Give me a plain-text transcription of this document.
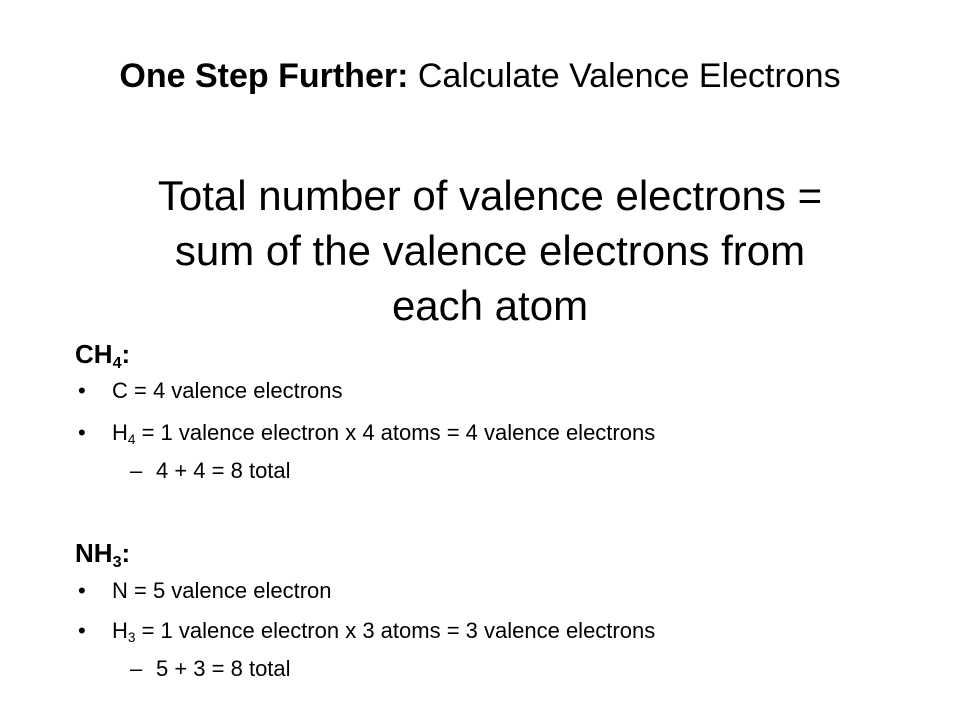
One Step Further: Calculate Valence Electrons
Total number of valence electrons =
sum of the valence electrons from
each atom
$CH_4$:
• C = 4 valence electrons
• $H_4 = 1$ valence electron x 4 atoms = 4 valence electrons
– 4 + 4 = 8 total
$NH_3$:
• N = 5 valence electron
• $H_3 = 1$ valence electron x 3 atoms = 3 valence electrons
– 5 + 3 = 8 total
